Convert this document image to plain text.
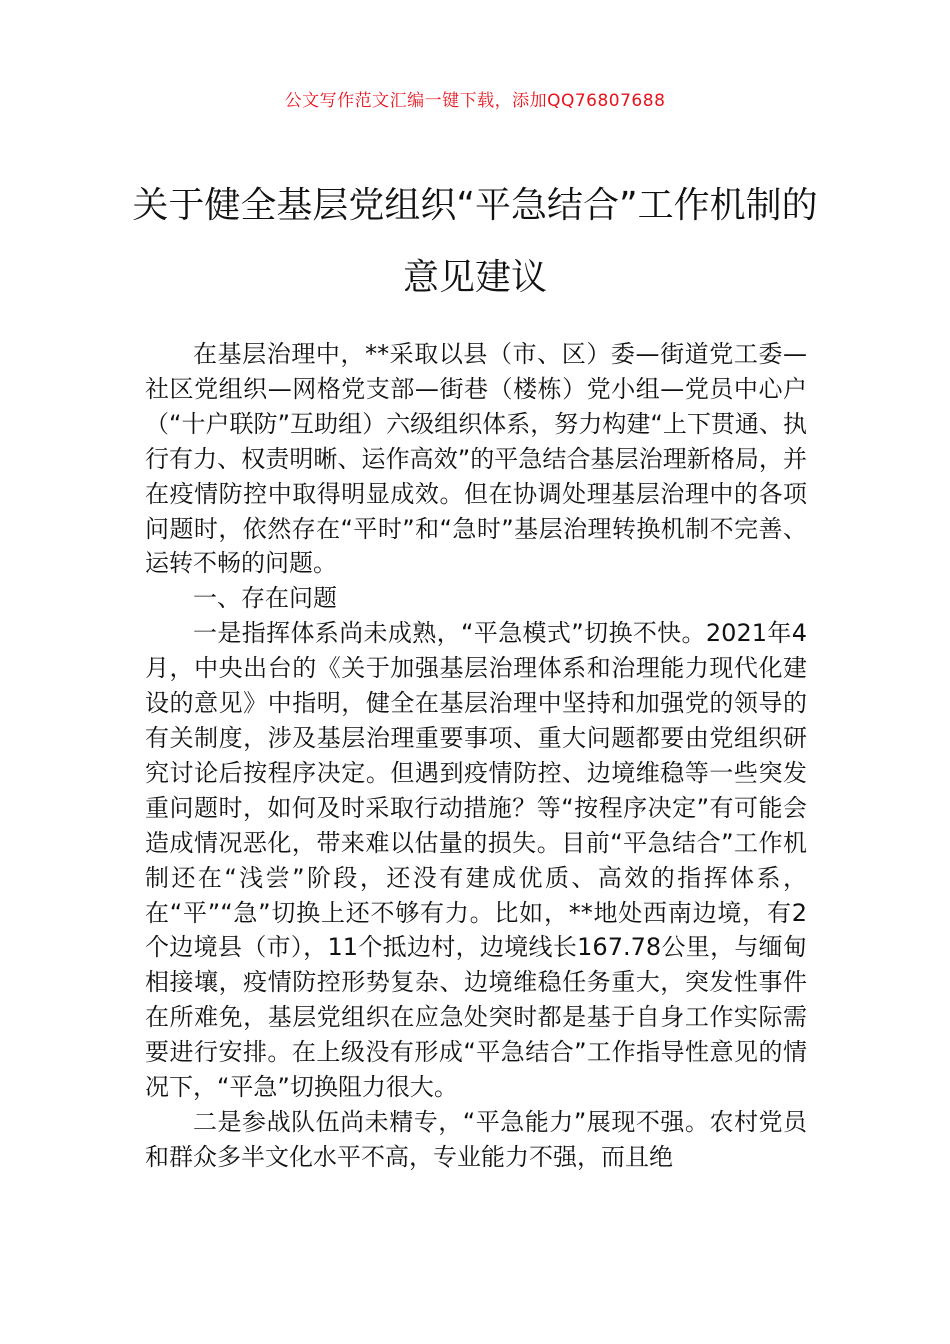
公文写作范文汇编一键下载，添加QQ76807688
关于健全基层党组织“平急结合”工作机制的意见建议

在基层治理中，**采取以县（市、区）委—街道党工委—社区党组织—网格党支部—街巷（楼栋）党小组—党员中心户（“十户联防”互助组）六级组织体系，努力构建“上下贯通、执行有力、权责明晰、运作高效”的平急结合基层治理新格局，并在疫情防控中取得明显成效。但在协调处理基层治理中的各项问题时，依然存在“平时”和“急时”基层治理转换机制不完善、运转不畅的问题。

一、存在问题

一是指挥体系尚未成熟，“平急模式”切换不快。2021年4月，中央出台的《关于加强基层治理体系和治理能力现代化建设的意见》中指明，健全在基层治理中坚持和加强党的领导的有关制度，涉及基层治理重要事项、重大问题都要由党组织研究讨论后按程序决定。但遇到疫情防控、边境维稳等一些突发重问题时，如何及时采取行动措施？等“按程序决定”有可能会造成情况恶化，带来难以估量的损失。目前“平急结合”工作机制还在“浅尝”阶段，还没有建成优质、高效的指挥体系，在“平”“急”切换上还不够有力。比如，**地处西南边境，有2个边境县（市），11个抵边村，边境线长167.78公里，与缅甸相接壤，疫情防控形势复杂、边境维稳任务重大，突发性事件在所难免，基层党组织在应急处突时都是基于自身工作实际需要进行安排。在上级没有形成“平急结合”工作指导性意见的情况下，“平急”切换阻力很大。

二是参战队伍尚未精专，“平急能力”展现不强。农村党员和群众多半文化水平不高，专业能力不强，而且绝
